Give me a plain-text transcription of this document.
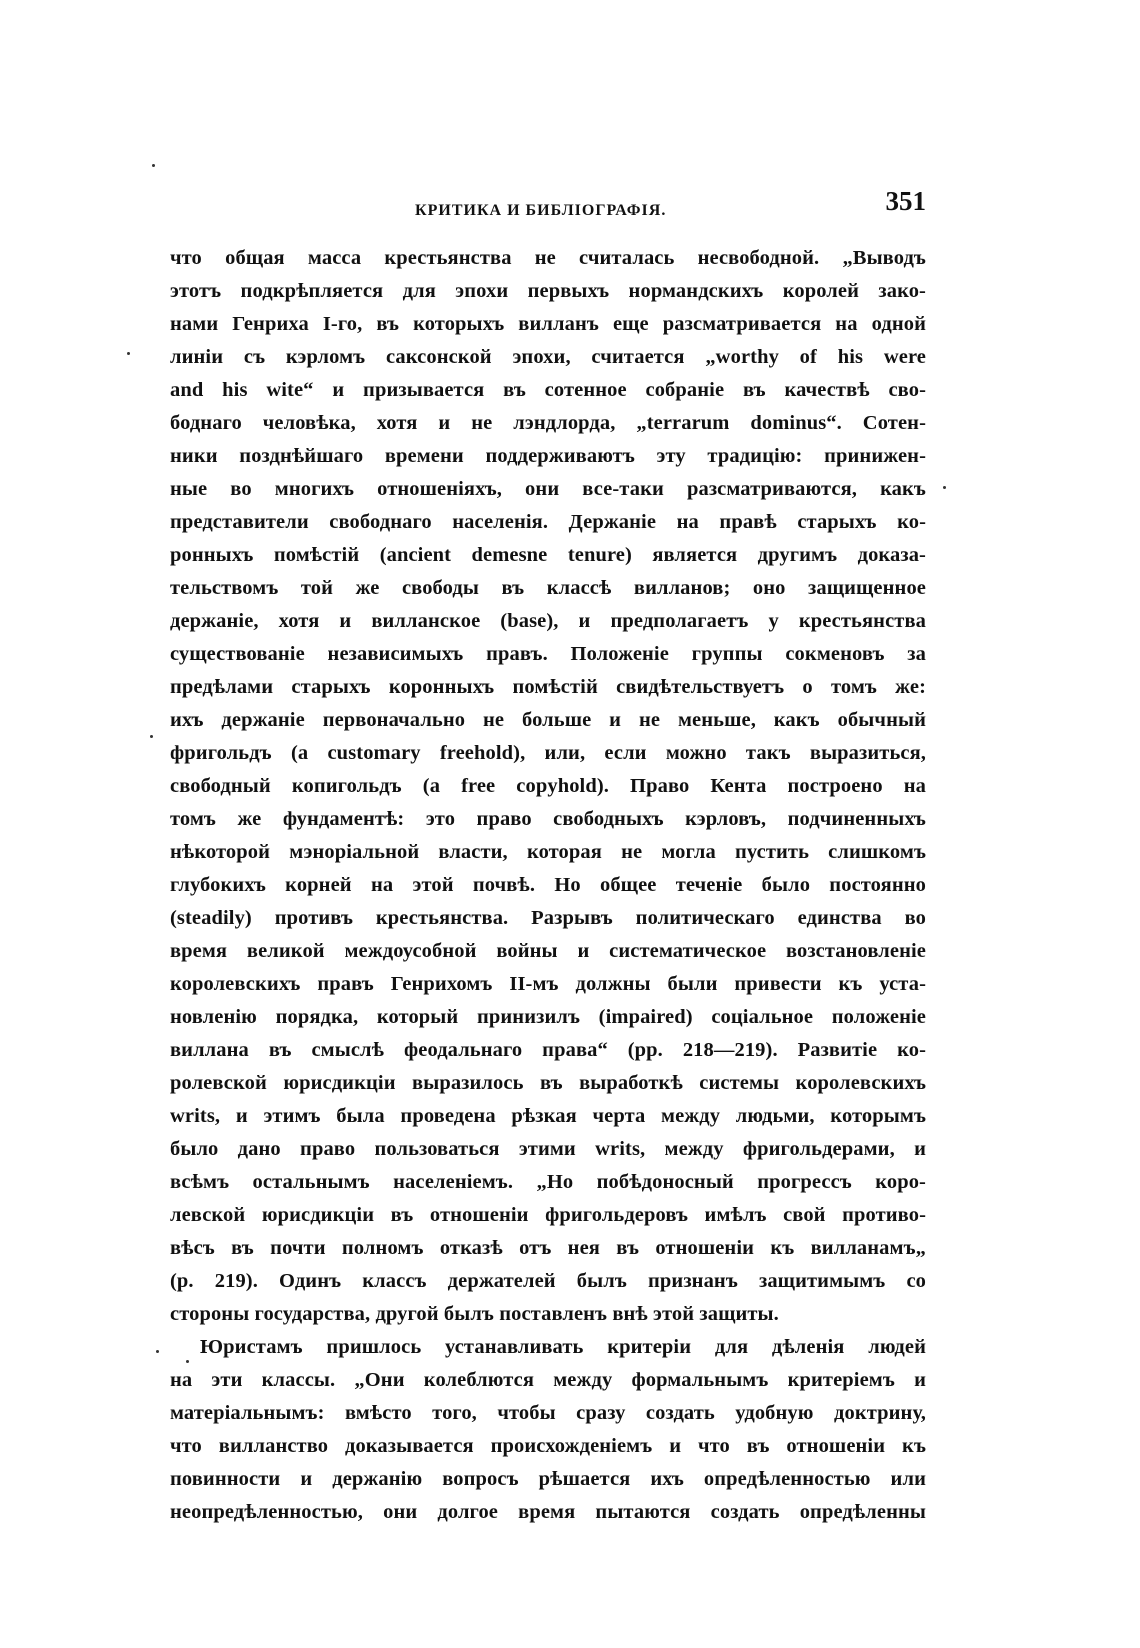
КРИТИКА И БИБЛІОГРАФІЯ.	351
что общая масса крестьянства не считалась несвободной. „Выводъ
этотъ подкрѣпляется для эпохи первыхъ нормандскихъ королей зако-
нами Генриха I-го, въ которыхъ вилланъ еще разсматривается на одной
линіи съ кэрломъ саксонской эпохи, считается „worthy of his were
and his wite“ и призывается въ сотенное собраніе въ качествѣ сво-
боднаго человѣка, хотя и не лэндлорда, „terrarum dominus“. Сотен-
ники позднѣйшаго времени поддерживаютъ эту традицію: принижен-
ные во многихъ отношеніяхъ, они все-таки разсматриваются, какъ
представители свободнаго населенія. Держаніе на правѣ старыхъ ко-
ронныхъ помѣстій (ancient demesne tenure) является другимъ доказа-
тельствомъ той же свободы въ классѣ вилланов; оно защищенное
держаніе, хотя и вилланское (base), и предполагаетъ у крестьянства
существованіе независимыхъ правъ. Положеніе группы сокменовъ за
предѣлами старыхъ коронныхъ помѣстій свидѣтельствуетъ о томъ же:
ихъ держаніе первоначально не больше и не меньше, какъ обычный
фригольдъ (a customary freehold), или, если можно такъ выразиться,
свободный копигольдъ (a free copyhold). Право Кента построено на
томъ же фундаментѣ: это право свободныхъ кэрловъ, подчиненныхъ
нѣкоторой мэноріальной власти, которая не могла пустить слишкомъ
глубокихъ корней на этой почвѣ. Но общее теченіе было постоянно
(steadily) противъ крестьянства. Разрывъ политическаго единства во
время великой междоусобной войны и систематическое возстановленіе
королевскихъ правъ Генрихомъ II-мъ должны были привести къ уста-
новленію порядка, который принизилъ (impaired) соціальное положеніе
виллана въ смыслѣ феодальнаго права“ (pp. 218—219). Развитіе ко-
ролевской юрисдикціи выразилось въ выработкѣ системы королевскихъ
writs, и этимъ была проведена рѣзкая черта между людьми, которымъ
было дано право пользоваться этими writs, между фригольдерами, и
всѣмъ остальнымъ населеніемъ. „Но побѣдоносный прогрессъ коро-
левской юрисдикціи въ отношеніи фригольдеровъ имѣлъ свой противо-
вѣсъ въ почти полномъ отказѣ отъ нея въ отношеніи къ вилланамъ„
(p. 219). Одинъ классъ держателей былъ признанъ защитимымъ со
стороны государства, другой былъ поставленъ внѣ этой защиты.
Юристамъ пришлось устанавливать критеріи для дѣленія людей
на эти классы. „Они колеблются между формальнымъ критеріемъ и
матеріальнымъ: вмѣсто того, чтобы сразу создать удобную доктрину,
что вилланство доказывается происхожденіемъ и что въ отношеніи къ
повинности и держанію вопросъ рѣшается ихъ опредѣленностью или
неопредѣленностью, они долгое время пытаются создать опредѣленны
